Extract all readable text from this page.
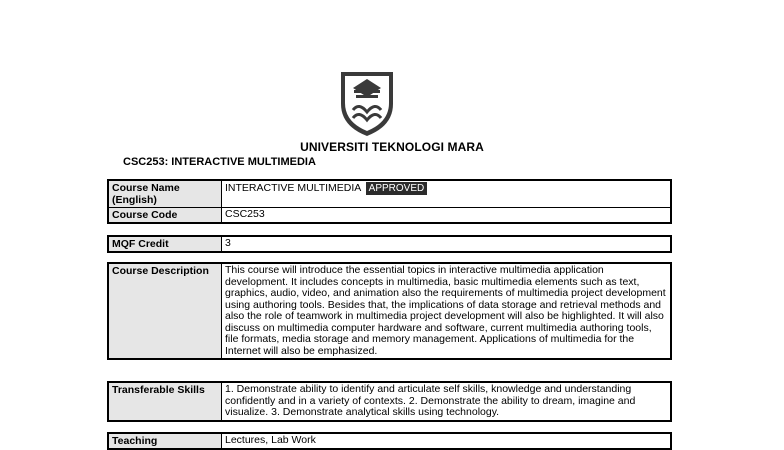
UNIVERSITI TEKNOLOGI MARA
CSC253: INTERACTIVE MULTIMEDIA
Course Name (English)	INTERACTIVE MULTIMEDIA APPROVED
Course Code	CSC253
MQF Credit	3
Course Description	This course will introduce the essential topics in interactive multimedia application development. It includes concepts in multimedia, basic multimedia elements such as text, graphics, audio, video, and animation also the requirements of multimedia project development using authoring tools. Besides that, the implications of data storage and retrieval methods and also the role of teamwork in multimedia project development will also be highlighted. It will also discuss on multimedia computer hardware and software, current multimedia authoring tools, file formats, media storage and memory management. Applications of multimedia for the Internet will also be emphasized.
Transferable Skills	1. Demonstrate ability to identify and articulate self skills, knowledge and understanding confidently and in a variety of contexts. 2. Demonstrate the ability to dream, imagine and visualize. 3. Demonstrate analytical skills using technology.
Teaching	Lectures, Lab Work
